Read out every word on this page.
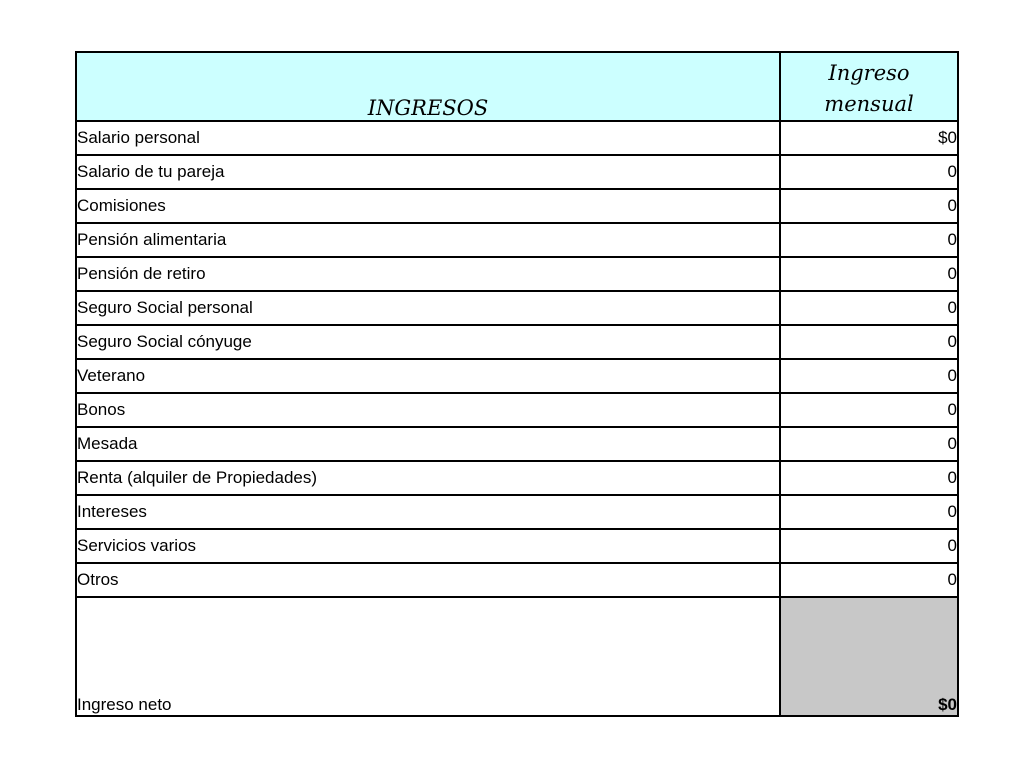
INGRESOS	Ingreso
mensual
Salario personal	$0
Salario de tu pareja	0
Comisiones	0
Pensión alimentaria	0
Pensión de retiro	0
Seguro Social personal	0
Seguro Social cónyuge	0
Veterano	0
Bonos	0
Mesada	0
Renta (alquiler de Propiedades)	0
Intereses	0
Servicios varios	0
Otros	0
Ingreso neto	$0
